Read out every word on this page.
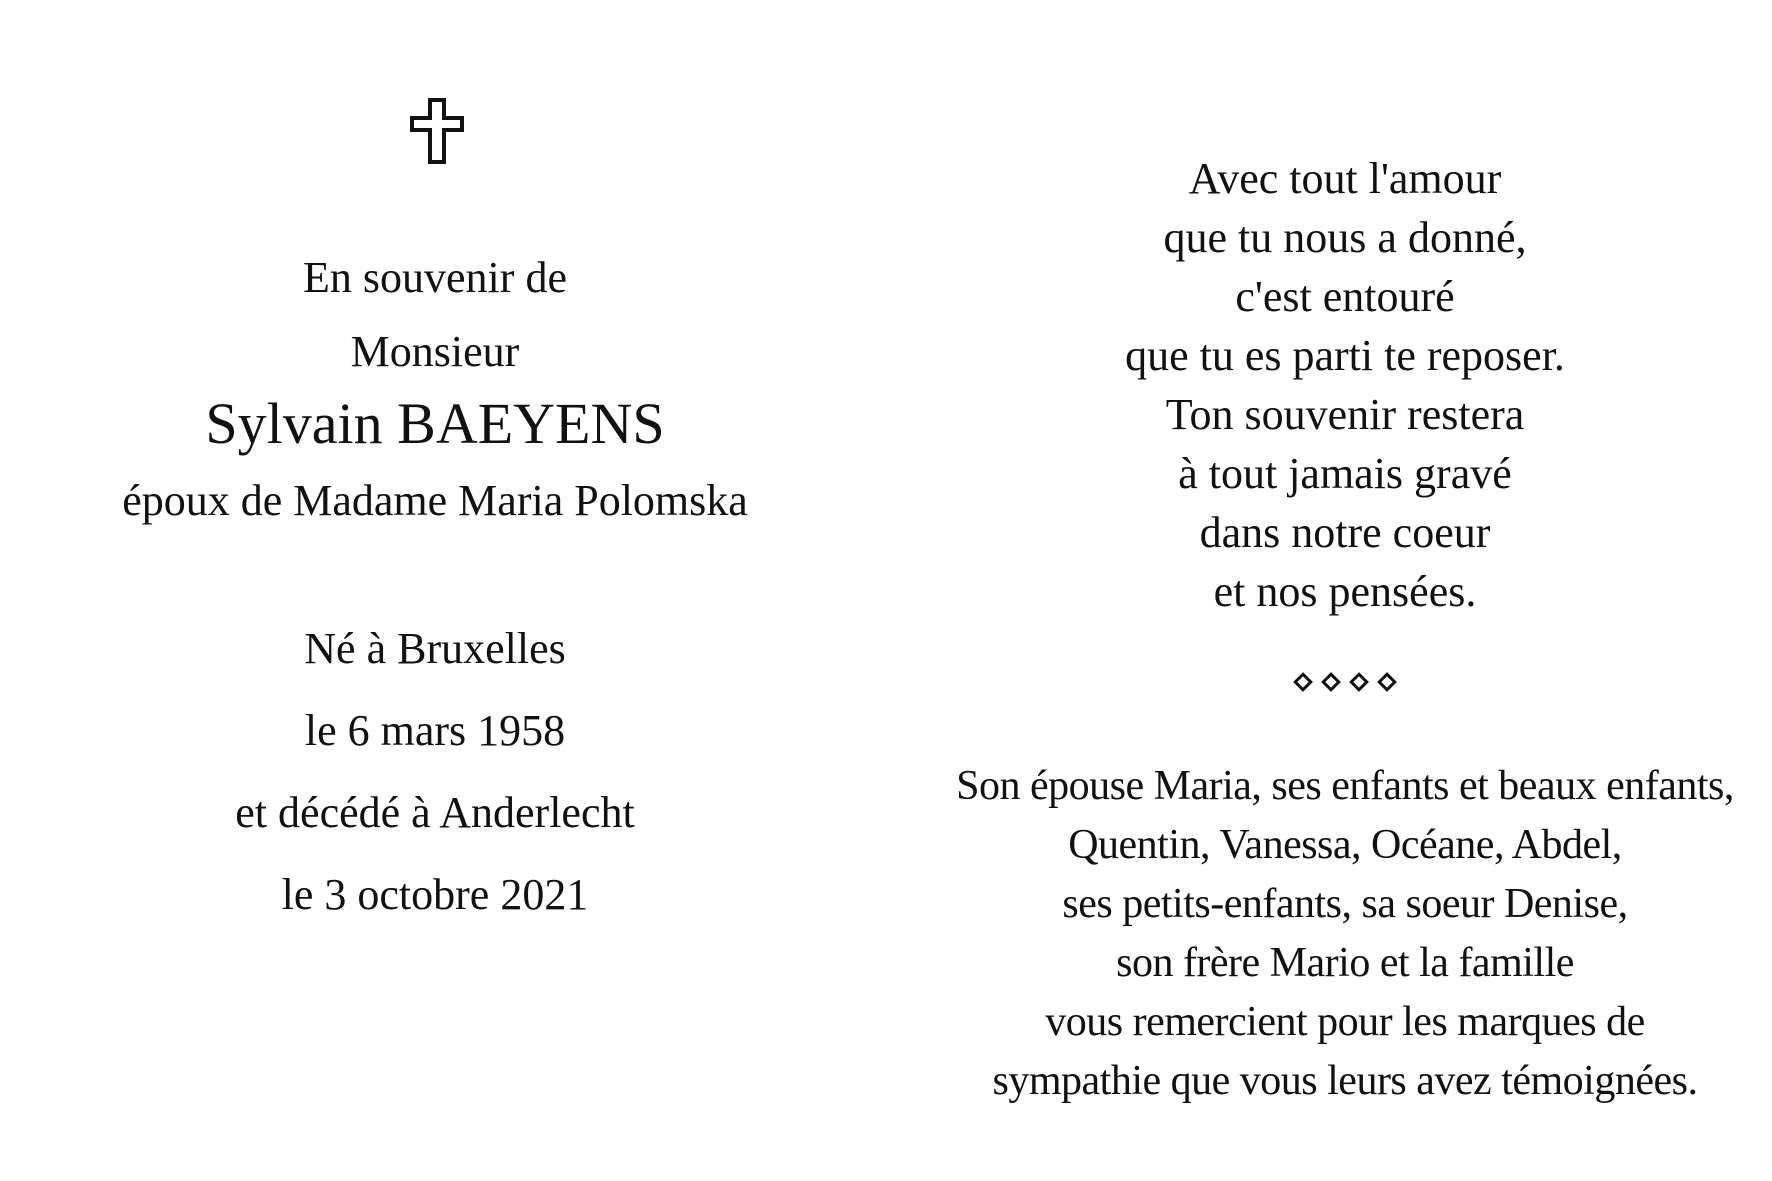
En souvenir de
Monsieur
Sylvain BAEYENS
époux de Madame Maria Polomska
Né à Bruxelles
le 6 mars 1958
et décédé à Anderlecht
le 3 octobre 2021
Avec tout l'amour
que tu nous a donné,
c'est entouré
que tu es parti te reposer.
Ton souvenir restera
à tout jamais gravé
dans notre coeur
et nos pensées.
Son épouse Maria, ses enfants et beaux enfants,
Quentin, Vanessa, Océane, Abdel,
ses petits-enfants, sa soeur Denise,
son frère Mario et la famille
vous remercient pour les marques de
sympathie que vous leurs avez témoignées.
